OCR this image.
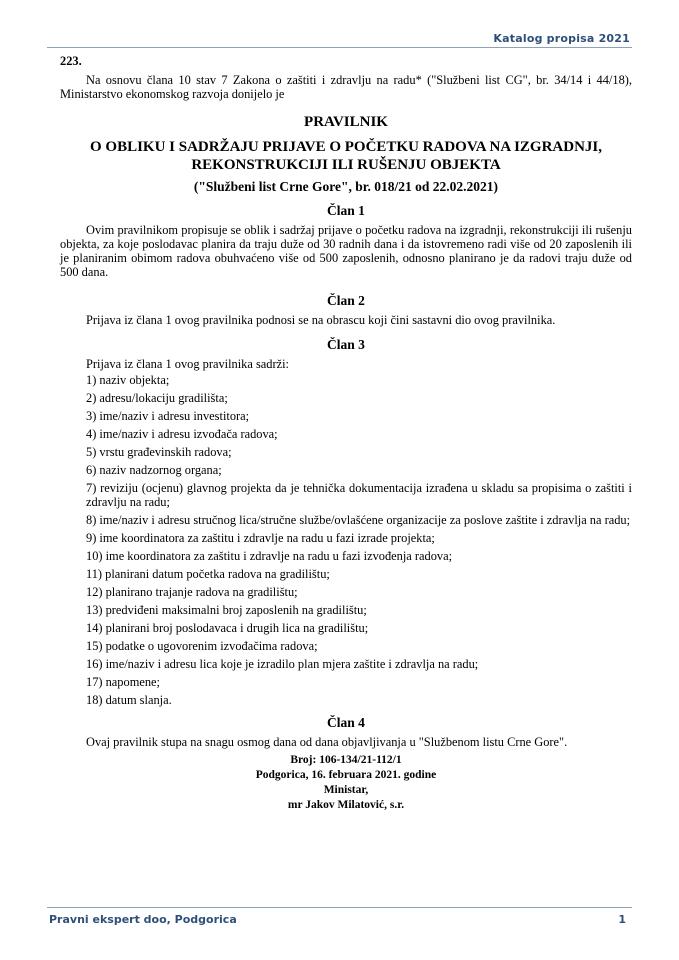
Katalog propisa 2021

223.

Na osnovu člana 10 stav 7 Zakona o zaštiti i zdravlju na radu* ("Službeni list CG", br. 34/14 i 44/18), Ministarstvo ekonomskog razvoja donijelo je

PRAVILNIK

O OBLIKU I SADRŽAJU PRIJAVE O POČETKU RADOVA NA IZGRADNJI, REKONSTRUKCIJI ILI RUŠENJU OBJEKTA

("Službeni list Crne Gore", br. 018/21 od 22.02.2021)

Član 1

Ovim pravilnikom propisuje se oblik i sadržaj prijave o početku radova na izgradnji, rekonstrukciji ili rušenju objekta, za koje poslodavac planira da traju duže od 30 radnih dana i da istovremeno radi više od 20 zaposlenih ili je planiranim obimom radova obuhvaćeno više od 500 zaposlenih, odnosno planirano je da radovi traju duže od 500 dana.

Član 2

Prijava iz člana 1 ovog pravilnika podnosi se na obrascu koji čini sastavni dio ovog pravilnika.

Član 3

Prijava iz člana 1 ovog pravilnika sadrži:

1) naziv objekta;
2) adresu/lokaciju gradilišta;
3) ime/naziv i adresu investitora;
4) ime/naziv i adresu izvođača radova;
5) vrstu građevinskih radova;
6) naziv nadzornog organa;
7) reviziju (ocjenu) glavnog projekta da je tehnička dokumentacija izrađena u skladu sa propisima o zaštiti i zdravlju na radu;
8) ime/naziv i adresu stručnog lica/stručne službe/ovlašćene organizacije za poslove zaštite i zdravlja na radu;
9) ime koordinatora za zaštitu i zdravlje na radu u fazi izrade projekta;
10) ime koordinatora za zaštitu i zdravlje na radu u fazi izvođenja radova;
11) planirani datum početka radova na gradilištu;
12) planirano trajanje radova na gradilištu;
13) predviđeni maksimalni broj zaposlenih na gradilištu;
14) planirani broj poslodavaca i drugih lica na gradilištu;
15) podatke o ugovorenim izvođačima radova;
16) ime/naziv i adresu lica koje je izradilo plan mjera zaštite i zdravlja na radu;
17) napomene;
18) datum slanja.

Član 4

Ovaj pravilnik stupa na snagu osmog dana od dana objavljivanja u "Službenom listu Crne Gore".

Broj: 106-134/21-112/1

Podgorica, 16. februara 2021. godine

Ministar,

mr Jakov Milatović, s.r.

Pravni ekspert doo, Podgorica	1
